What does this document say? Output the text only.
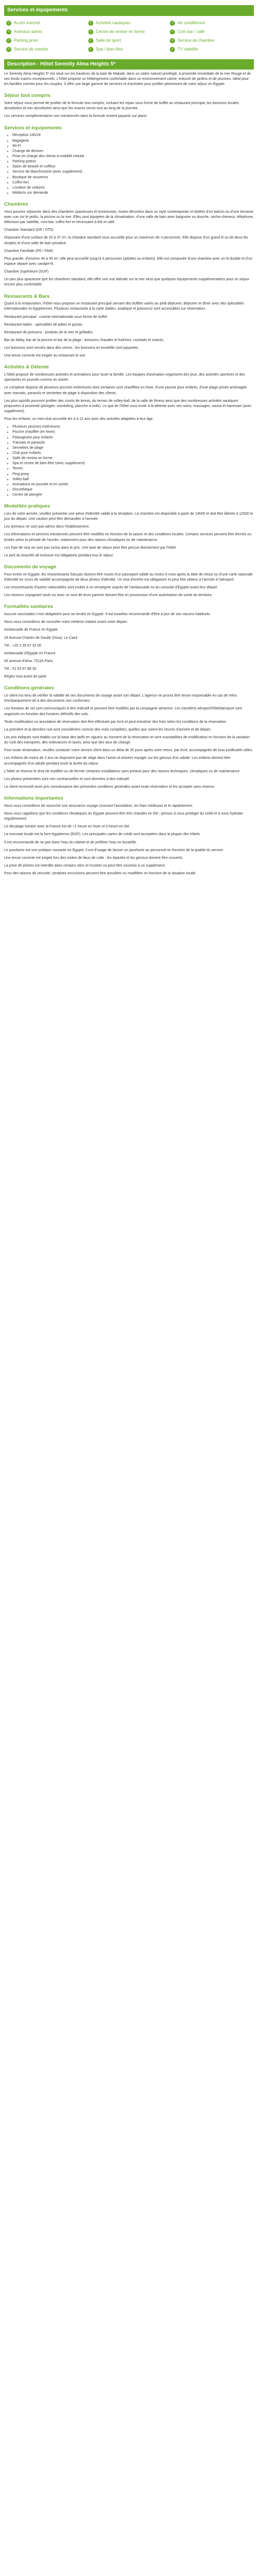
Services et équipements
✓ Accès internet	✓ Activités nautiques	✓ Air conditionné
✓ Animaux admis	✓ Centre de remise en forme	✓ Coin bar / café
✓ Parking privé	✓ Salle de sport	✓ Service de chambre
✓ Service de navette	✓ Spa / bien-être	✓ TV satellite
Description - Hôtel Serenity Alma Heights 5*

Le Serenity Alma Heights 5* est situé sur les hauteurs de la baie de Makadi, dans un cadre naturel privilégié, à proximité immédiate de la mer Rouge et de ses fonds marins exceptionnels. L'hôtel propose un hébergement confortable dans un environnement calme, entouré de jardins et de piscines. Idéal pour les familles comme pour les couples, il offre une large gamme de services et d'activités pour profiter pleinement de votre séjour en Egypte.

Séjour tout compris

Votre séjour vous permet de profiter de la formule tout compris, incluant les repas sous forme de buffet au restaurant principal, les boissons locales alcoolisées et non alcoolisées ainsi que les snacks servis tout au long de la journée.

Les services complémentaires non mentionnés dans la formule restent payants sur place.

Services et équipements
• Réception 24h/24
• Bagagerie
• Wi-Fi
• Change de devises
• Prise en charge des clients à mobilité réduite
• Parking gratuit
• Salon de beauté et coiffeur
• Service de blanchisserie (avec supplément)
• Boutique de souvenirs
• Coffre-fort
• Location de voitures
• Médecin sur demande
Chambres

Vous pourrez séjourner dans des chambres spacieuses et lumineuses, toutes décorées dans un style contemporain et dotées d'un balcon ou d'une terrasse avec vue sur le jardin, la piscine ou la mer. Elles sont équipées de la climatisation, d'une salle de bain avec baignoire ou douche, sèche-cheveux, téléphone, télévision par satellite, mini-bar, coffre-fort et nécessaire à thé et café.

Chambre Standard (DR / STD)

Disposant d'une surface de 32 à 37 m², la chambre standard vous accueille pour un maximum de 3 personnes. Elle dispose d'un grand lit ou de deux lits simples et d'une salle de bain privative.

Chambre Familiale (FR / FAM)

Plus grande, d'environ 45 à 55 m², elle peut accueillir jusqu'à 4 personnes (adultes ou enfants). Elle est composée d'une chambre avec un lit double et d'un espace séparé avec canapé-lit.

Chambre Supérieure (SUP)

Un peu plus spacieuse que les chambres standard, elle offre une vue latérale sur la mer ainsi que quelques équipements supplémentaires pour un séjour encore plus confortable.

Restaurants & Bars

Quant à la restauration, l'hôtel vous propose un restaurant principal servant des buffets variés au petit déjeuner, déjeuner et dîner avec des spécialités internationales et égyptiennes. Plusieurs restaurants à la carte (italien, asiatique et poissons) sont accessibles sur réservation.

Restaurant principal : cuisine internationale sous forme de buffet

Restaurant italien : spécialités de pâtes et pizzas

Restaurant de poissons : produits de la mer et grillades

Bar du lobby, bar de la piscine et bar de la plage : boissons chaudes et fraîches, cocktails et snacks.

Les boissons sont servies dans des verres ; les boissons en bouteille sont payantes.

Une tenue correcte est exigée au restaurant le soir.

Activités & Détente

L'hôtel propose de nombreuses activités et animations pour toute la famille. Les équipes d'animation organisent des jeux, des activités sportives et des spectacles en journée comme en soirée.

Le complexe dispose de plusieurs piscines extérieures dont certaines sont chauffées en hiver, d'une piscine pour enfants, d'une plage privée aménagée avec transats, parasols et serviettes de plage à disposition des clients.

Les plus sportifs pourront profiter des courts de tennis, du terrain de volley-ball, de la salle de fitness ainsi que des nombreuses activités nautiques proposées à proximité (plongée, snorkeling, planche à voile). Le spa de l'hôtel vous invite à la détente avec ses soins, massages, sauna et hammam (avec supplément).

Pour les enfants, un mini-club accueille les 4 à 12 ans avec des activités adaptées à leur âge.

• Plusieurs piscines extérieures
• Piscine chauffée (en hiver)
• Pataugeoire pour enfants
• Transats et parasols
• Serviettes de plage
• Club pour enfants
• Salle de remise en forme
• Spa et centre de bien-être (avec supplément)
• Tennis
• Ping-pong
• Volley-ball
• Animations en journée et en soirée
• Discothèque
• Centre de plongée
Modalités pratiques

Lors de votre arrivée, veuillez présenter une pièce d'identité valide à la réception. La chambre est disponible à partir de 14h00 et doit être libérée à 12h00 le jour du départ. Une caution peut être demandée à l'arrivée.

Les animaux ne sont pas admis dans l'établissement.

Les informations et services mentionnés peuvent être modifiés en fonction de la saison et des conditions locales. Certains services peuvent être fermés ou limités selon la période de l'année, notamment pour des raisons climatiques ou de maintenance.

Les frais de visa ne sont pas inclus dans le prix. Une taxe de séjour peut être perçue directement par l'hôtel.

Le port du bracelet all inclusive est obligatoire pendant tout le séjour.

Documents de voyage

Pour entrer en Egypte, les ressortissants français doivent être munis d'un passeport valide au moins 6 mois après la date de retour ou d'une carte nationale d'identité en cours de validité accompagnée de deux photos d'identité. Un visa d'entrée est obligatoire et peut être obtenu à l'arrivée à l'aéroport.

Les ressortissants d'autres nationalités sont invités à se renseigner auprès de l'ambassade ou du consulat d'Egypte avant leur départ.

Les mineurs voyageant seuls ou avec un seul de leurs parents doivent être en possession d'une autorisation de sortie du territoire.

Formalités sanitaires

Aucune vaccination n'est obligatoire pour se rendre en Egypte. Il est toutefois recommandé d'être à jour de ses vaccins habituels.

Nous vous conseillons de consulter votre médecin traitant avant votre départ.

Ambassade de France en Egypte

29 Avenue Charles de Gaulle (Giza), Le Caire

Tél : +20 2 35 67 32 00

Ambassade d'Egypte en France

56 avenue d'Iéna, 75116 Paris

Tél : 01 53 67 88 30

Réglez tout avant de partir

Conditions générales

Le client est tenu de vérifier la validité de ses documents de voyage avant son départ. L'agence ne pourra être tenue responsable en cas de refus d'embarquement dû à des documents non conformes.

Les horaires de vol sont communiqués à titre indicatif et peuvent être modifiés par la compagnie aérienne. Les transferts aéroport/hôtel/aéroport sont organisés en fonction des horaires définitifs des vols.

Toute modification ou annulation de réservation doit être effectuée par écrit et peut entraîner des frais selon les conditions de la réservation.

La première et la dernière nuit sont considérées comme des nuits complètes, quelles que soient les heures d'arrivée et de départ.

Les prix indiqués sont établis sur la base des tarifs en vigueur au moment de la réservation et sont susceptibles de modification en fonction de la variation du coût des transports, des redevances et taxes, ainsi que des taux de change.

Pour toute réclamation, veuillez contacter notre service client dans un délai de 30 jours après votre retour, par écrit, accompagnée de tous justificatifs utiles.

Les enfants de moins de 2 ans ne disposent pas de siège dans l'avion et doivent voyager sur les genoux d'un adulte. Les enfants doivent être accompagnés d'un adulte pendant toute la durée du séjour.

L'hôtel se réserve le droit de modifier ou de fermer certaines installations sans préavis pour des raisons techniques, climatiques ou de maintenance.

Les photos présentées sont non contractuelles et sont données à titre indicatif.

Le client reconnaît avoir pris connaissance des présentes conditions générales avant toute réservation et les accepter sans réserve.

Informations importantes

Nous vous conseillons de souscrire une assurance voyage couvrant l'annulation, les frais médicaux et le rapatriement.

Nous vous rappelons que les conditions climatiques en Egypte peuvent être très chaudes en été ; pensez à vous protéger du soleil et à vous hydrater régulièrement.

Le décalage horaire avec la France est de +1 heure en hiver et 0 heure en été.

La monnaie locale est la livre égyptienne (EGP). Les principales cartes de crédit sont acceptées dans la plupart des hôtels.

Il est recommandé de ne pas boire l'eau du robinet et de préférer l'eau en bouteille.

Le pourboire est une pratique courante en Egypte, il est d'usage de laisser un pourboire au personnel en fonction de la qualité du service.

Une tenue correcte est exigée lors des visites de lieux de culte ; les épaules et les genoux doivent être couverts.

La prise de photos est interdite dans certains sites et musées ou peut être soumise à un supplément.

Pour des raisons de sécurité, certaines excursions peuvent être annulées ou modifiées en fonction de la situation locale.
